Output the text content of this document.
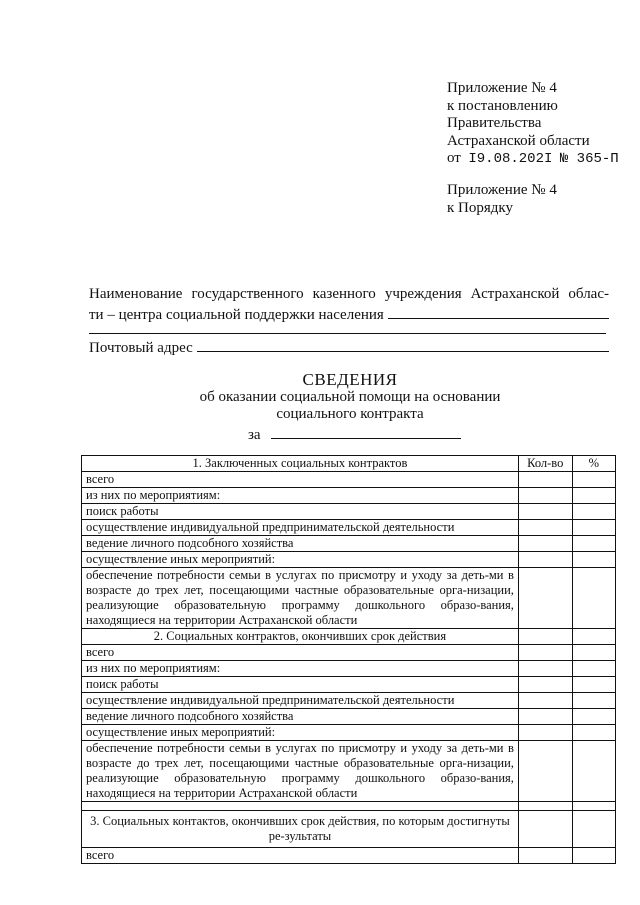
Приложение № 4
к постановлению
Правительства
Астраханской области
от I9.08.202I № 365-П
Приложение № 4
к Порядку
Наименование государственного казенного учреждения Астраханской облас-
ти – центра социальной поддержки населения
Почтовый адрес
СВЕДЕНИЯ
об оказании социальной помощи на основании
социального контракта
за
1. Заключенных социальных контрактов	Кол-во	%
всего		
из них по мероприятиям:		
поиск работы		
осуществление индивидуальной предпринимательской деятельности		
ведение личного подсобного хозяйства		
осуществление иных мероприятий:		
обеспечение потребности семьи в услугах по присмотру и уходу за деть-ми в возрасте до трех лет, посещающими частные образовательные орга-низации, реализующие образовательную программу дошкольного образо-вания, находящиеся на территории Астраханской области		
2. Социальных контрактов, окончивших срок действия		
всего		
из них по мероприятиям:		
поиск работы		
осуществление индивидуальной предпринимательской деятельности		
ведение личного подсобного хозяйства		
осуществление иных мероприятий:		
обеспечение потребности семьи в услугах по присмотру и уходу за деть-ми в возрасте до трех лет, посещающими частные образовательные орга-низации, реализующие образовательную программу дошкольного образо-вания, находящиеся на территории Астраханской области		

3. Социальных контактов, окончивших срок действия, по которым достигнуты ре-зультаты		
всего		
